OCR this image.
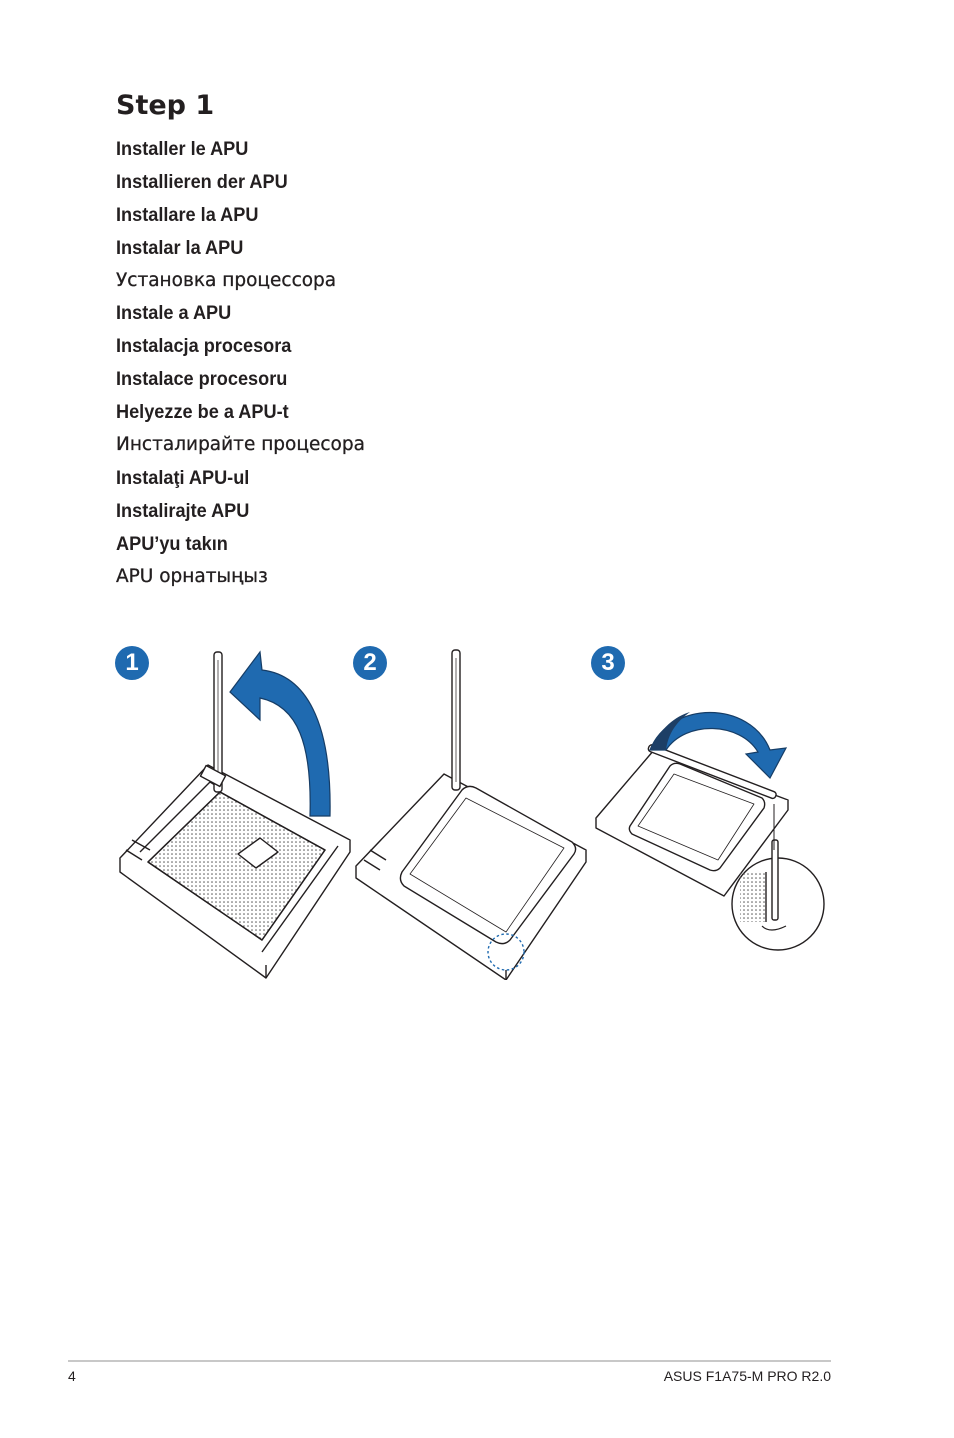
Step 1
Installer le APU
Installieren der APU
Installare la APU
Instalar la APU
Установка процессора
Instale a APU
Instalacja procesora
Instalace procesoru
Helyezze be a APU-t
Инсталирайте процесора
Instalaţi APU-ul
Instalirajte APU
APU’yu takın
APU орнатыңыз
1	2	3
4	ASUS F1A75-M PRO R2.0
